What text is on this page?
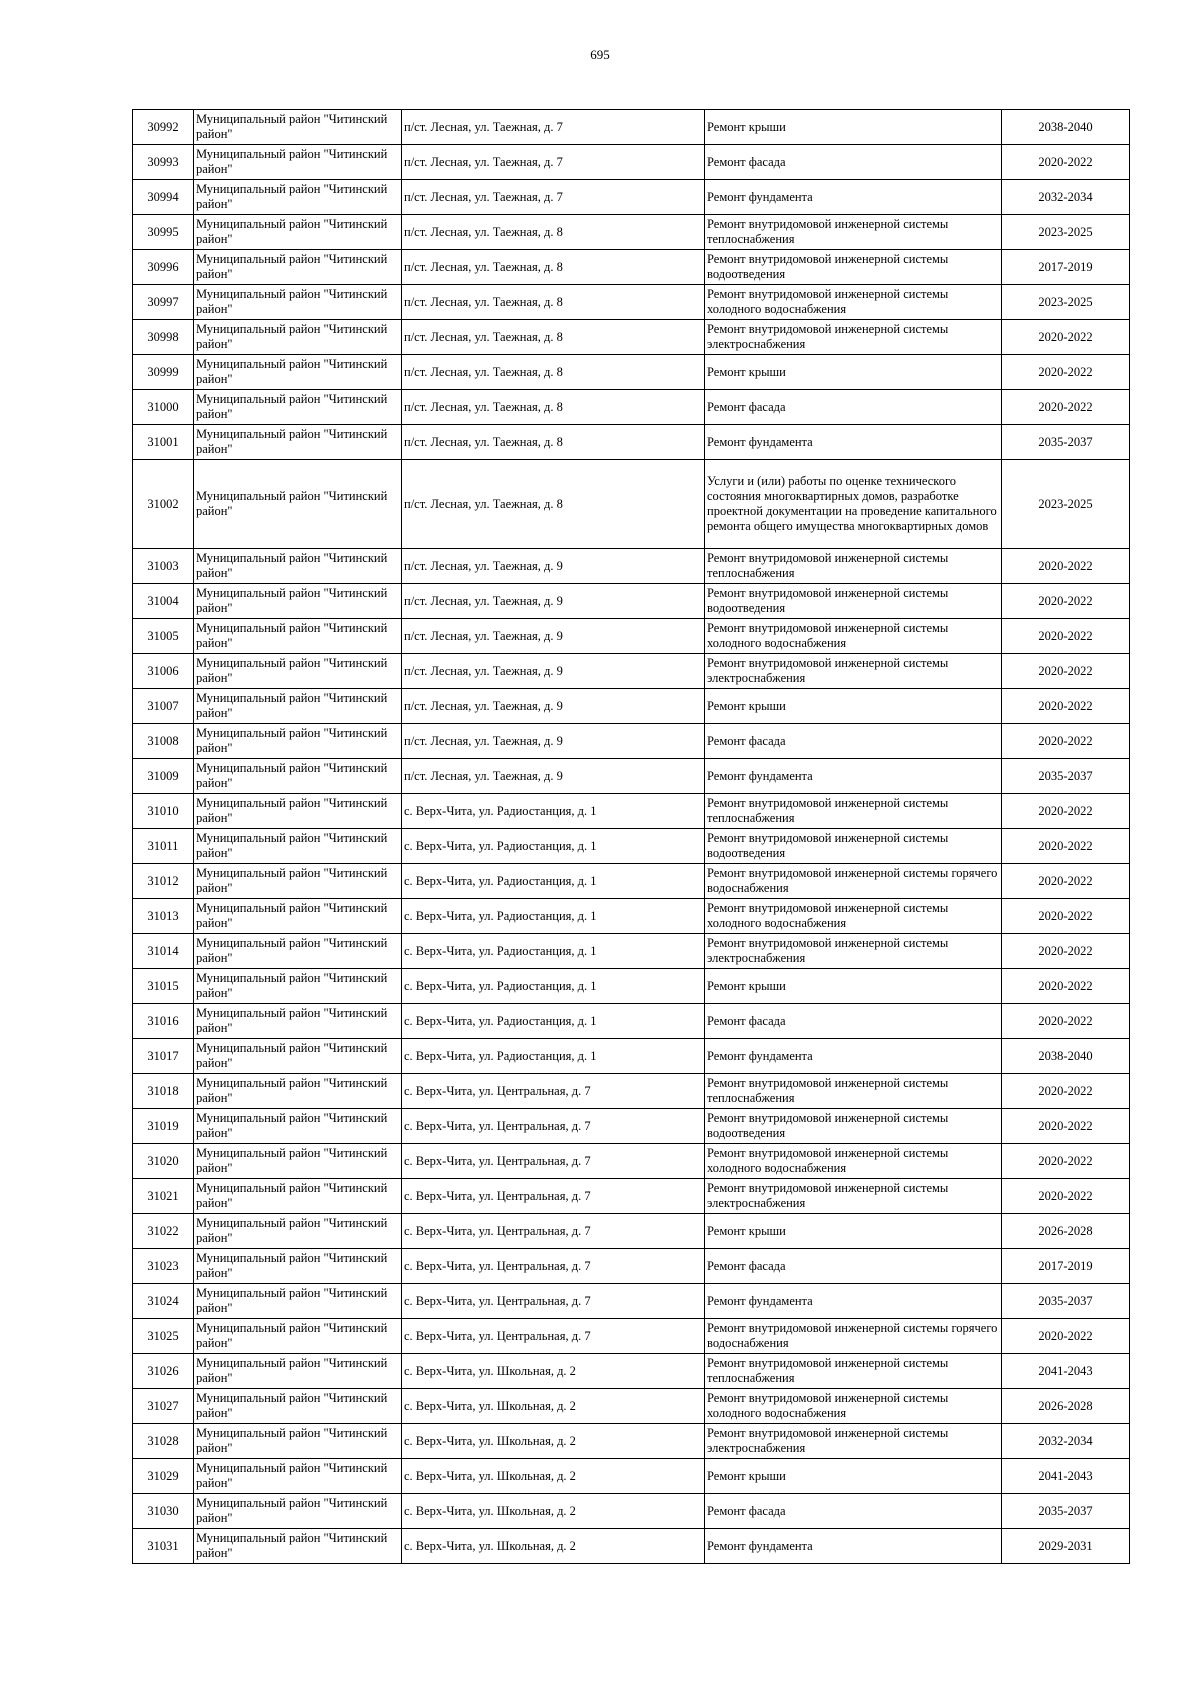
695
30992	Муниципальный район "Читинский район"	п/ст. Лесная, ул. Таежная, д. 7	Ремонт крыши	2038-2040
30993	Муниципальный район "Читинский район"	п/ст. Лесная, ул. Таежная, д. 7	Ремонт фасада	2020-2022
30994	Муниципальный район "Читинский район"	п/ст. Лесная, ул. Таежная, д. 7	Ремонт фундамента	2032-2034
30995	Муниципальный район "Читинский район"	п/ст. Лесная, ул. Таежная, д. 8	Ремонт внутридомовой инженерной системы теплоснабжения	2023-2025
30996	Муниципальный район "Читинский район"	п/ст. Лесная, ул. Таежная, д. 8	Ремонт внутридомовой инженерной системы водоотведения	2017-2019
30997	Муниципальный район "Читинский район"	п/ст. Лесная, ул. Таежная, д. 8	Ремонт внутридомовой инженерной системы холодного водоснабжения	2023-2025
30998	Муниципальный район "Читинский район"	п/ст. Лесная, ул. Таежная, д. 8	Ремонт внутридомовой инженерной системы электроснабжения	2020-2022
30999	Муниципальный район "Читинский район"	п/ст. Лесная, ул. Таежная, д. 8	Ремонт крыши	2020-2022
31000	Муниципальный район "Читинский район"	п/ст. Лесная, ул. Таежная, д. 8	Ремонт фасада	2020-2022
31001	Муниципальный район "Читинский район"	п/ст. Лесная, ул. Таежная, д. 8	Ремонт фундамента	2035-2037
31002	Муниципальный район "Читинский район"	п/ст. Лесная, ул. Таежная, д. 8	Услуги и (или) работы по оценке технического состояния многоквартирных домов, разработке проектной документации на проведение капитального ремонта общего имущества многоквартирных домов	2023-2025
31003	Муниципальный район "Читинский район"	п/ст. Лесная, ул. Таежная, д. 9	Ремонт внутридомовой инженерной системы теплоснабжения	2020-2022
31004	Муниципальный район "Читинский район"	п/ст. Лесная, ул. Таежная, д. 9	Ремонт внутридомовой инженерной системы водоотведения	2020-2022
31005	Муниципальный район "Читинский район"	п/ст. Лесная, ул. Таежная, д. 9	Ремонт внутридомовой инженерной системы холодного водоснабжения	2020-2022
31006	Муниципальный район "Читинский район"	п/ст. Лесная, ул. Таежная, д. 9	Ремонт внутридомовой инженерной системы электроснабжения	2020-2022
31007	Муниципальный район "Читинский район"	п/ст. Лесная, ул. Таежная, д. 9	Ремонт крыши	2020-2022
31008	Муниципальный район "Читинский район"	п/ст. Лесная, ул. Таежная, д. 9	Ремонт фасада	2020-2022
31009	Муниципальный район "Читинский район"	п/ст. Лесная, ул. Таежная, д. 9	Ремонт фундамента	2035-2037
31010	Муниципальный район "Читинский район"	с. Верх-Чита, ул. Радиостанция, д. 1	Ремонт внутридомовой инженерной системы теплоснабжения	2020-2022
31011	Муниципальный район "Читинский район"	с. Верх-Чита, ул. Радиостанция, д. 1	Ремонт внутридомовой инженерной системы водоотведения	2020-2022
31012	Муниципальный район "Читинский район"	с. Верх-Чита, ул. Радиостанция, д. 1	Ремонт внутридомовой инженерной системы горячего водоснабжения	2020-2022
31013	Муниципальный район "Читинский район"	с. Верх-Чита, ул. Радиостанция, д. 1	Ремонт внутридомовой инженерной системы холодного водоснабжения	2020-2022
31014	Муниципальный район "Читинский район"	с. Верх-Чита, ул. Радиостанция, д. 1	Ремонт внутридомовой инженерной системы электроснабжения	2020-2022
31015	Муниципальный район "Читинский район"	с. Верх-Чита, ул. Радиостанция, д. 1	Ремонт крыши	2020-2022
31016	Муниципальный район "Читинский район"	с. Верх-Чита, ул. Радиостанция, д. 1	Ремонт фасада	2020-2022
31017	Муниципальный район "Читинский район"	с. Верх-Чита, ул. Радиостанция, д. 1	Ремонт фундамента	2038-2040
31018	Муниципальный район "Читинский район"	с. Верх-Чита, ул. Центральная, д. 7	Ремонт внутридомовой инженерной системы теплоснабжения	2020-2022
31019	Муниципальный район "Читинский район"	с. Верх-Чита, ул. Центральная, д. 7	Ремонт внутридомовой инженерной системы водоотведения	2020-2022
31020	Муниципальный район "Читинский район"	с. Верх-Чита, ул. Центральная, д. 7	Ремонт внутридомовой инженерной системы холодного водоснабжения	2020-2022
31021	Муниципальный район "Читинский район"	с. Верх-Чита, ул. Центральная, д. 7	Ремонт внутридомовой инженерной системы электроснабжения	2020-2022
31022	Муниципальный район "Читинский район"	с. Верх-Чита, ул. Центральная, д. 7	Ремонт крыши	2026-2028
31023	Муниципальный район "Читинский район"	с. Верх-Чита, ул. Центральная, д. 7	Ремонт фасада	2017-2019
31024	Муниципальный район "Читинский район"	с. Верх-Чита, ул. Центральная, д. 7	Ремонт фундамента	2035-2037
31025	Муниципальный район "Читинский район"	с. Верх-Чита, ул. Центральная, д. 7	Ремонт внутридомовой инженерной системы горячего водоснабжения	2020-2022
31026	Муниципальный район "Читинский район"	с. Верх-Чита, ул. Школьная, д. 2	Ремонт внутридомовой инженерной системы теплоснабжения	2041-2043
31027	Муниципальный район "Читинский район"	с. Верх-Чита, ул. Школьная, д. 2	Ремонт внутридомовой инженерной системы холодного водоснабжения	2026-2028
31028	Муниципальный район "Читинский район"	с. Верх-Чита, ул. Школьная, д. 2	Ремонт внутридомовой инженерной системы электроснабжения	2032-2034
31029	Муниципальный район "Читинский район"	с. Верх-Чита, ул. Школьная, д. 2	Ремонт крыши	2041-2043
31030	Муниципальный район "Читинский район"	с. Верх-Чита, ул. Школьная, д. 2	Ремонт фасада	2035-2037
31031	Муниципальный район "Читинский район"	с. Верх-Чита, ул. Школьная, д. 2	Ремонт фундамента	2029-2031
